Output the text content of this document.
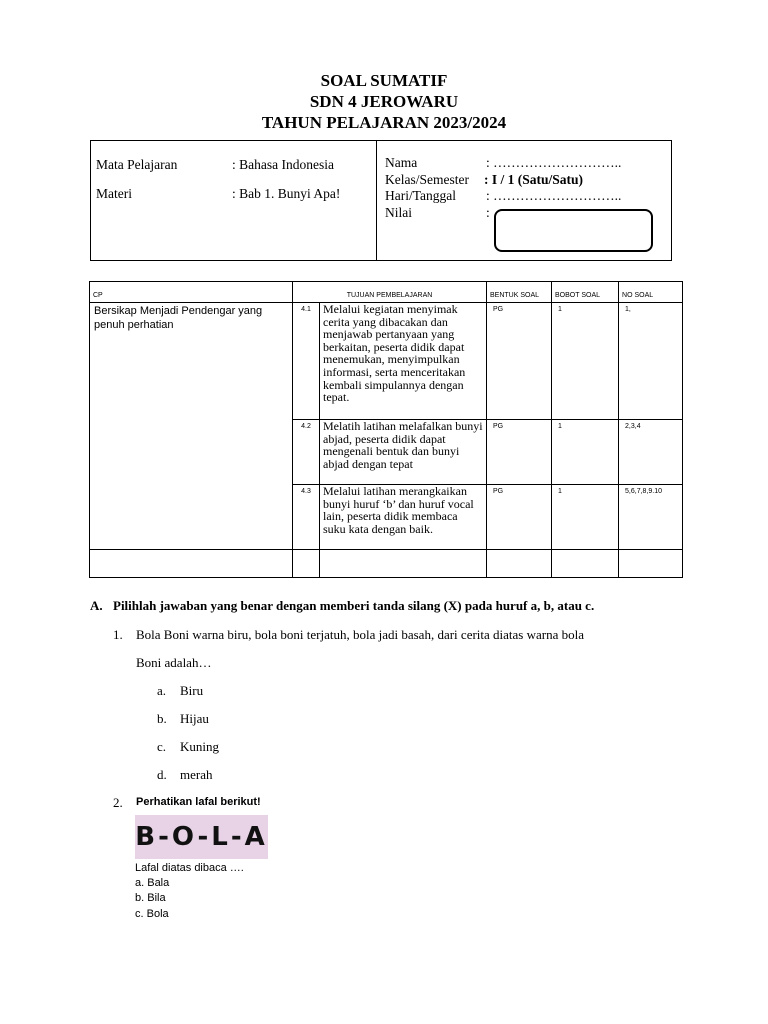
SOAL SUMATIF
SDN 4 JEROWARU
TAHUN PELAJARAN 2023/2024
Mata Pelajaran	: Bahasa Indonesia
Materi	: Bab 1. Bunyi Apa!
Nama	: ………………………..
Kelas/Semester : I / 1 (Satu/Satu)
Hari/Tanggal : ………………………..
Nilai	:
CP	TUJUAN PEMBELAJARAN		BENTUK SOAL	BOBOT SOAL	NO SOAL
Bersikap Menjadi Pendengar yang penuh perhatian	4.1	Melalui kegiatan menyimak cerita yang dibacakan dan menjawab pertanyaan yang berkaitan, peserta didik dapat menemukan, menyimpulkan informasi, serta menceritakan kembali simpulannya dengan tepat.	PG	1	1,
	4.2	Melatih latihan melafalkan bunyi abjad, peserta didik dapat mengenali bentuk dan bunyi abjad dengan tepat	PG	1	2,3,4
	4.3	Melalui latihan merangkaikan bunyi huruf ‘b’ dan huruf vocal lain, peserta didik membaca suku kata dengan baik.	PG	1	5,6,7,8,9.10

A. Pilihlah jawaban yang benar dengan memberi tanda silang (X) pada huruf a, b, atau c.
1. Bola Boni warna biru, bola boni terjatuh, bola jadi basah, dari cerita diatas warna bola
Boni adalah…
a. Biru
b. Hijau
c. Kuning
d. merah
2. Perhatikan lafal berikut!
B-O-L-A
Lafal diatas dibaca ….
a. Bala
b. Bila
c. Bola
